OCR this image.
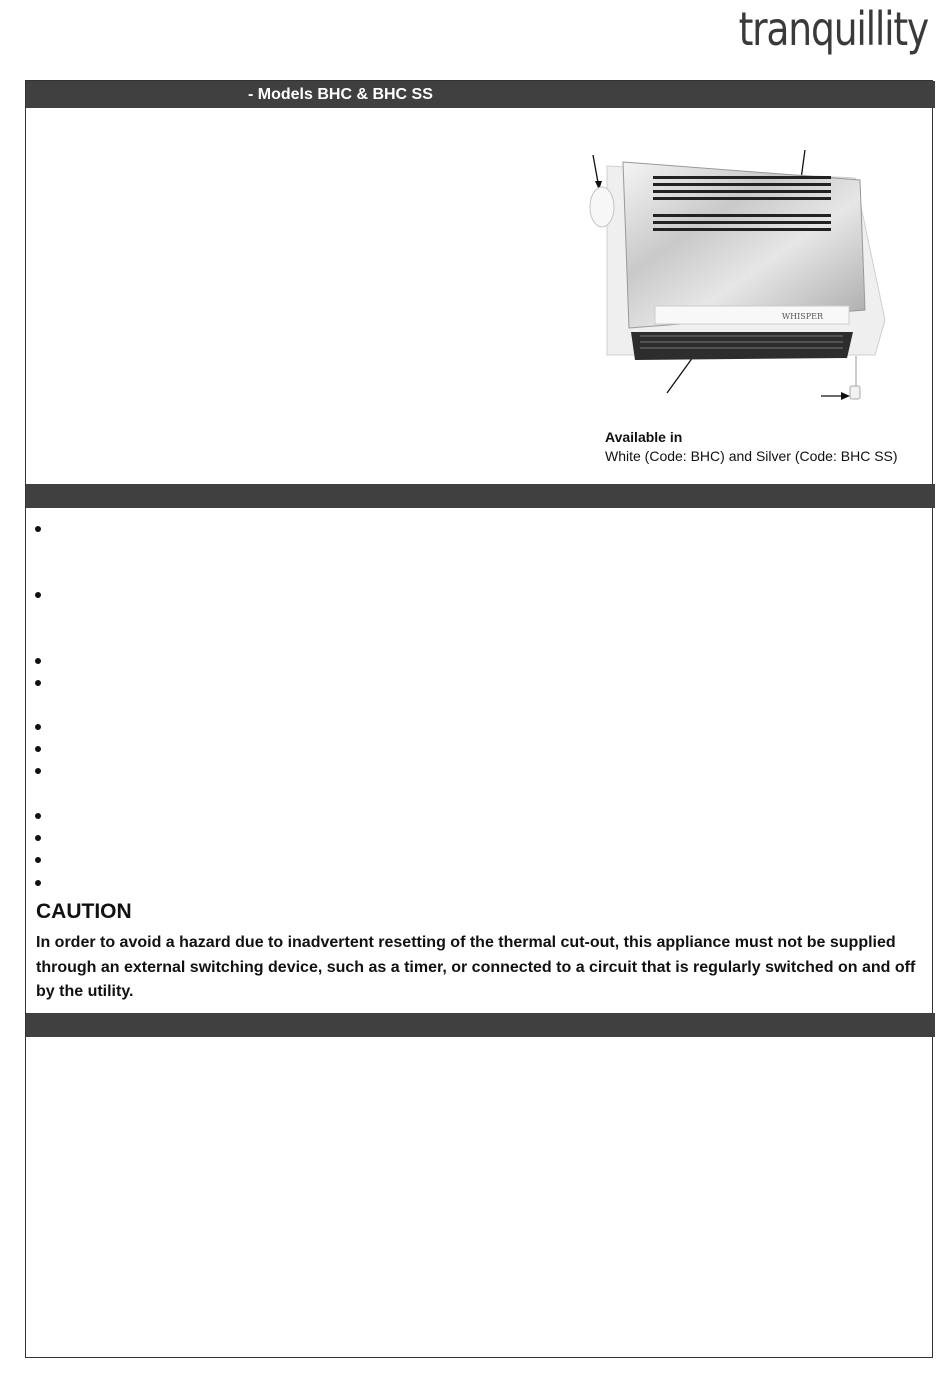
tranquillity
- Models BHC & BHC SS
WHISPER
Available in
White (Code: BHC) and Silver (Code: BHC SS)
CAUTION
In order to avoid a hazard due to inadvertent resetting of the thermal cut-out, this appliance must not be supplied through an external switching device, such as a timer, or connected to a circuit that is regularly switched on and off by the utility.
